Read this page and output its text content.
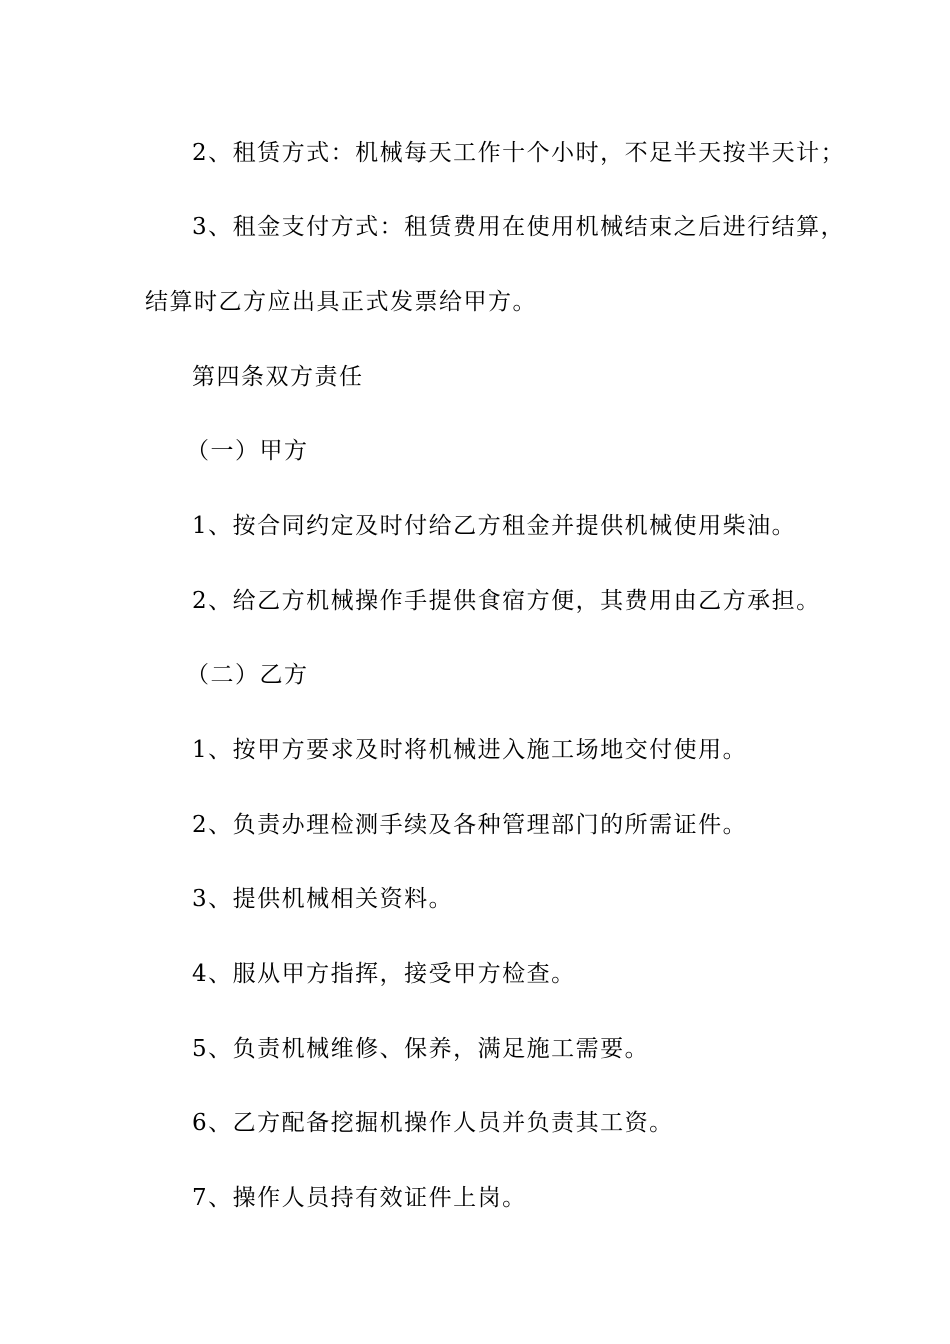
2、租赁方式：机械每天工作十个小时，不足半天按半天计；

3、租金支付方式：租赁费用在使用机械结束之后进行结算，

结算时乙方应出具正式发票给甲方。

第四条双方责任

（一）甲方

1、按合同约定及时付给乙方租金并提供机械使用柴油。

2、给乙方机械操作手提供食宿方便，其费用由乙方承担。

（二）乙方

1、按甲方要求及时将机械进入施工场地交付使用。

2、负责办理检测手续及各种管理部门的所需证件。

3、提供机械相关资料。

4、服从甲方指挥，接受甲方检查。

5、负责机械维修、保养，满足施工需要。

6、乙方配备挖掘机操作人员并负责其工资。

7、操作人员持有效证件上岗。
